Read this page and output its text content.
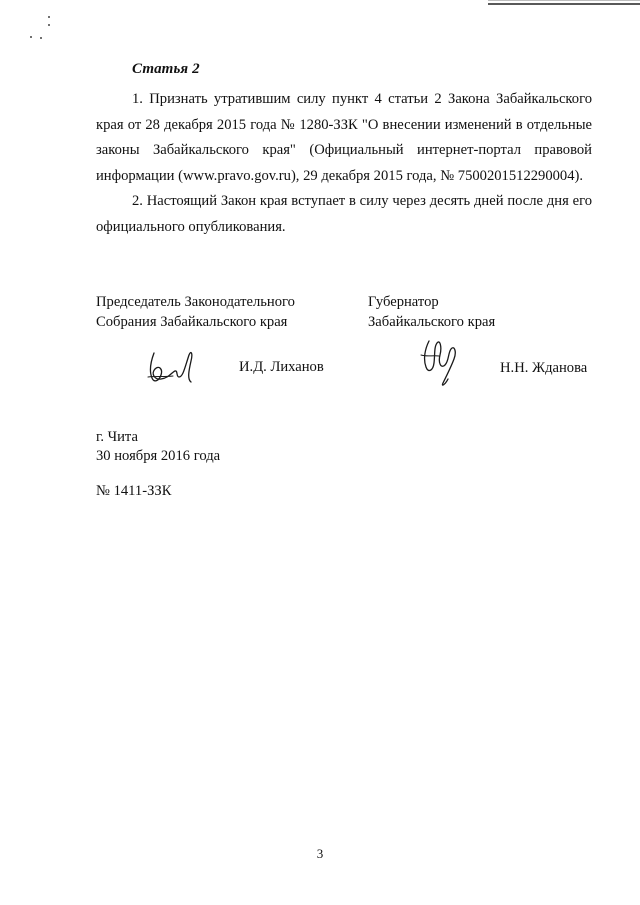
Статья 2
1. Признать утратившим силу пункт 4 статьи 2 Закона Забайкальского края от 28 декабря 2015 года № 1280-ЗЗК "О внесении изменений в отдельные законы Забайкальского края" (Официальный интернет-портал правовой информации (www.pravo.gov.ru), 29 декабря 2015 года, № 7500201512290004).
2. Настоящий Закон края вступает в силу через десять дней после дня его официального опубликования.
Председатель Законодательного
Собрания Забайкальского края
Губернатор
Забайкальского края
И.Д. Лиханов	Н.Н. Жданова
г. Чита
30 ноября 2016 года
№ 1411-ЗЗК
3
